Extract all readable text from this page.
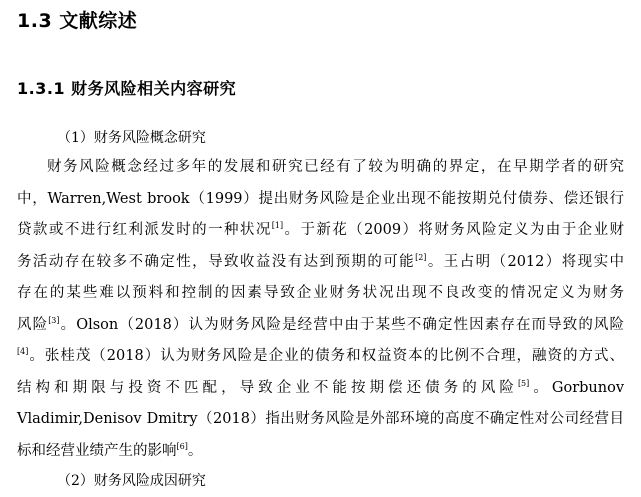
1.3 文献综述
1.3.1 财务风险相关内容研究
（1）财务风险概念研究
财务风险概念经过多年的发展和研究已经有了较为明确的界定，在早期学者的研究
中，Warren,West brook（1999）提出财务风险是企业出现不能按期兑付债券、偿还银行
贷款或不进行红利派发时的一种状况[1]。于新花（2009）将财务风险定义为由于企业财
务活动存在较多不确定性，导致收益没有达到预期的可能[2]。王占明（2012）将现实中
存在的某些难以预料和控制的因素导致企业财务状况出现不良改变的情况定义为财务
风险[3]。Olson（2018）认为财务风险是经营中由于某些不确定性因素存在而导致的风险
[4]。张桂茂（2018）认为财务风险是企业的债务和权益资本的比例不合理，融资的方式、
结构和期限与投资不匹配，导致企业不能按期偿还债务的风险[5]。Gorbunov
Vladimir,Denisov Dmitry（2018）指出财务风险是外部环境的高度不确定性对公司经营目
标和经营业绩产生的影响[6]。
（2）财务风险成因研究
